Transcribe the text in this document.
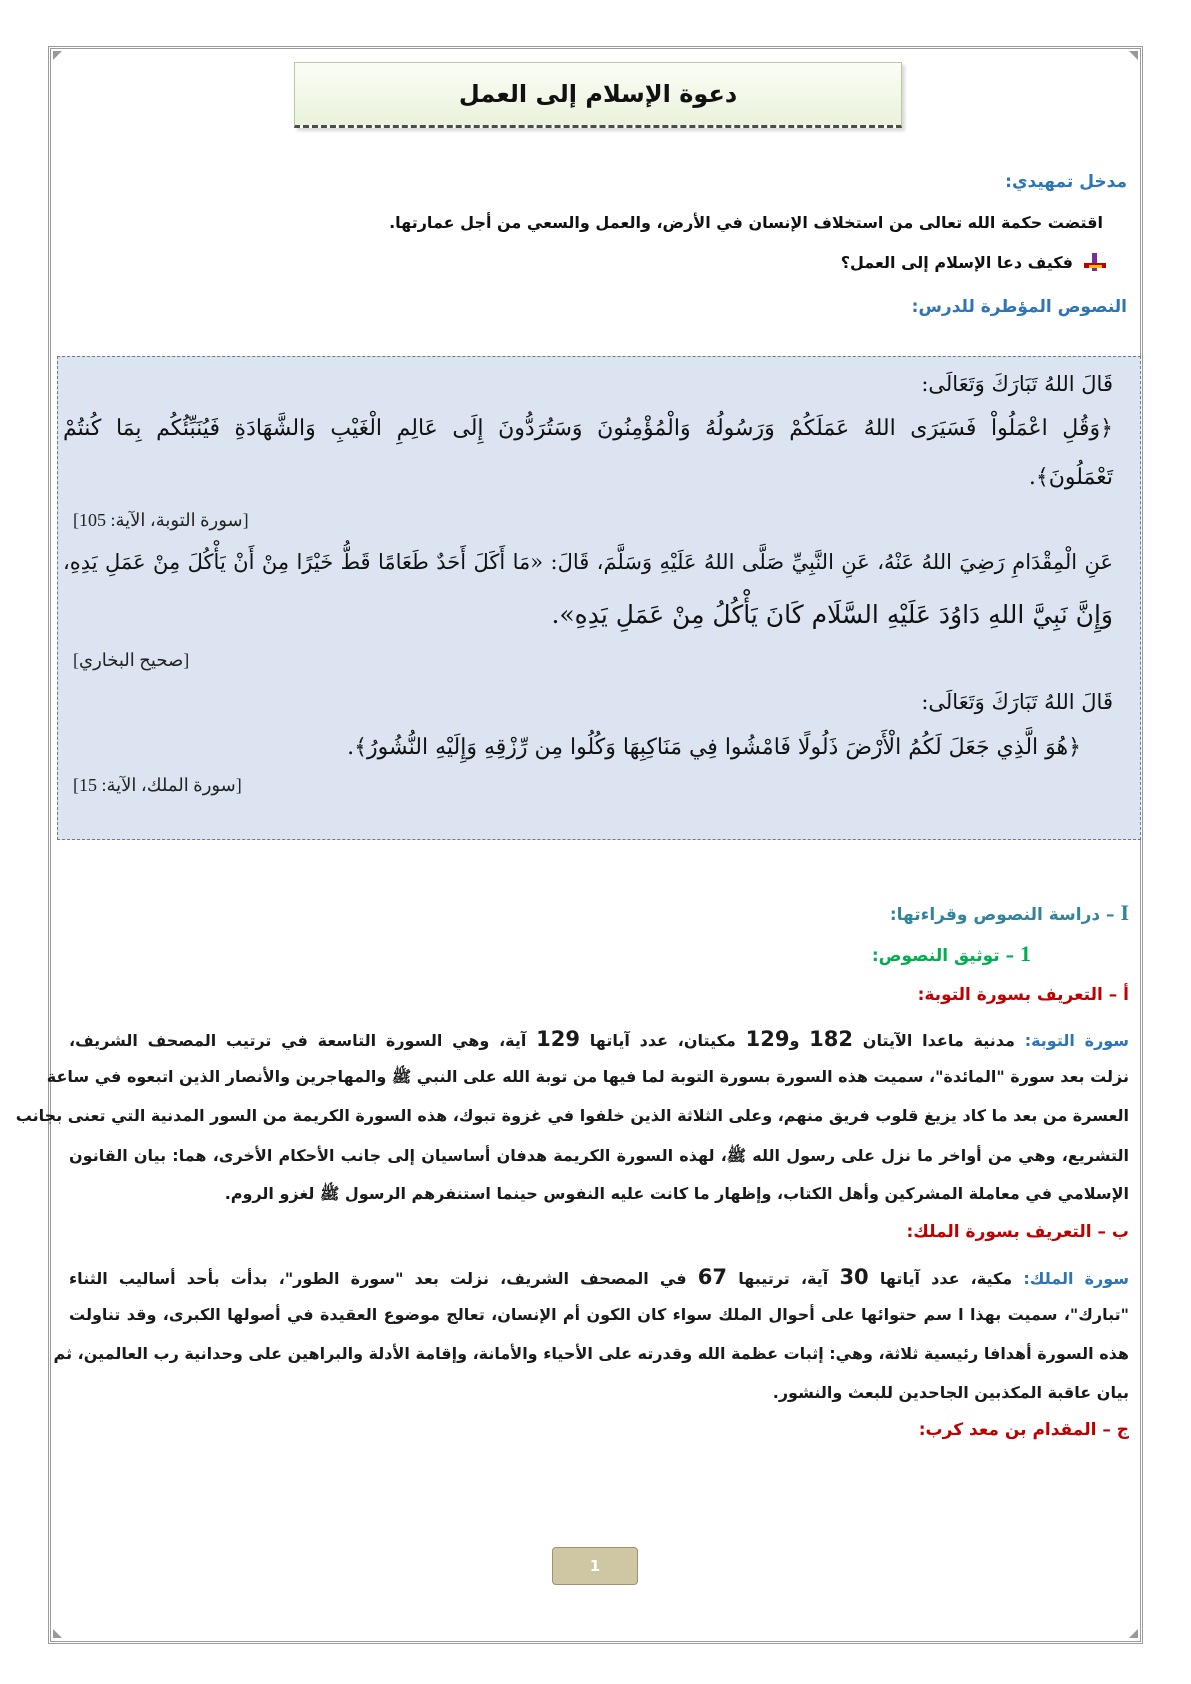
دعوة الإسلام إلى العمل
مدخل تمهيدي:
اقتضت حكمة الله تعالى من استخلاف الإنسان في الأرض، والعمل والسعي من أجل عمارتها.
فكيف دعا الإسلام إلى العمل؟
النصوص المؤطرة للدرس:
قَالَ اللهُ تَبَارَكَ وَتَعَالَى:
﴿وَقُلِ اعْمَلُواْ فَسَيَرَى اللهُ عَمَلَكُمْ وَرَسُولُهُ وَالْمُؤْمِنُونَ وَسَتُرَدُّونَ إِلَى عَالِمِ الْغَيْبِ وَالشَّهَادَةِ فَيُنَبِّئُكُم بِمَا كُنتُمْ
تَعْمَلُونَ﴾.
[سورة التوبة، الآية: 105]
عَنِ الْمِقْدَامِ رَضِيَ اللهُ عَنْهُ، عَنِ النَّبِيِّ صَلَّى اللهُ عَلَيْهِ وَسَلَّمَ، قَالَ: «مَا أَكَلَ أَحَدٌ طَعَامًا قَطُّ خَيْرًا مِنْ أَنْ يَأْكُلَ مِنْ عَمَلِ يَدِهِ،
وَإِنَّ نَبِيَّ اللهِ دَاوُدَ عَلَيْهِ السَّلَام كَانَ يَأْكُلُ مِنْ عَمَلِ يَدِهِ».
[صحيح البخاري]
قَالَ اللهُ تَبَارَكَ وَتَعَالَى:
﴿هُوَ الَّذِي جَعَلَ لَكُمُ الْأَرْضَ ذَلُولًا فَامْشُوا فِي مَنَاكِبِهَا وَكُلُوا مِن رِّزْقِهِ وَإِلَيْهِ النُّشُورُ﴾.
[سورة الملك، الآية: 15]
I – دراسة النصوص وقراءتها:
1 – توثيق النصوص:
أ – التعريف بسورة التوبة:
سورة التوبة: مدنية ماعدا الآيتان 182 و129 مكيتان، عدد آياتها 129 آية، وهي السورة التاسعة في ترتيب المصحف الشريف،
نزلت بعد سورة "المائدة"، سميت هذه السورة بسورة التوبة لما فيها من توبة الله على النبي ﷺ والمهاجرين والأنصار الذين اتبعوه في ساعة
العسرة من بعد ما كاد يزيغ قلوب فريق منهم، وعلى الثلاثة الذين خلفوا في غزوة تبوك، هذه السورة الكريمة من السور المدنية التي تعنى بجانب
التشريع، وهي من أواخر ما نزل على رسول الله ﷺ، لهذه السورة الكريمة هدفان أساسيان إلى جانب الأحكام الأخرى، هما: بيان القانون
الإسلامي في معاملة المشركين وأهل الكتاب، وإظهار ما كانت عليه النفوس حينما استنفرهم الرسول ﷺ لغزو الروم.
ب – التعريف بسورة الملك:
سورة الملك: مكية، عدد آياتها 30 آية، ترتيبها 67 في المصحف الشريف، نزلت بعد "سورة الطور"، بدأت بأحد أساليب الثناء
"تبارك"، سميت بهذا ا سم حتوائها على أحوال الملك سواء كان الكون أم الإنسان، تعالج موضوع العقيدة في أصولها الكبرى، وقد تناولت
هذه السورة أهدافا رئيسية ثلاثة، وهي: إثبات عظمة الله وقدرته على الأحياء والأمانة، وإقامة الأدلة والبراهين على وحدانية رب العالمين، ثم
بيان عاقبة المكذبين الجاحدين للبعث والنشور.
ج – المقدام بن معد كرب:
1
